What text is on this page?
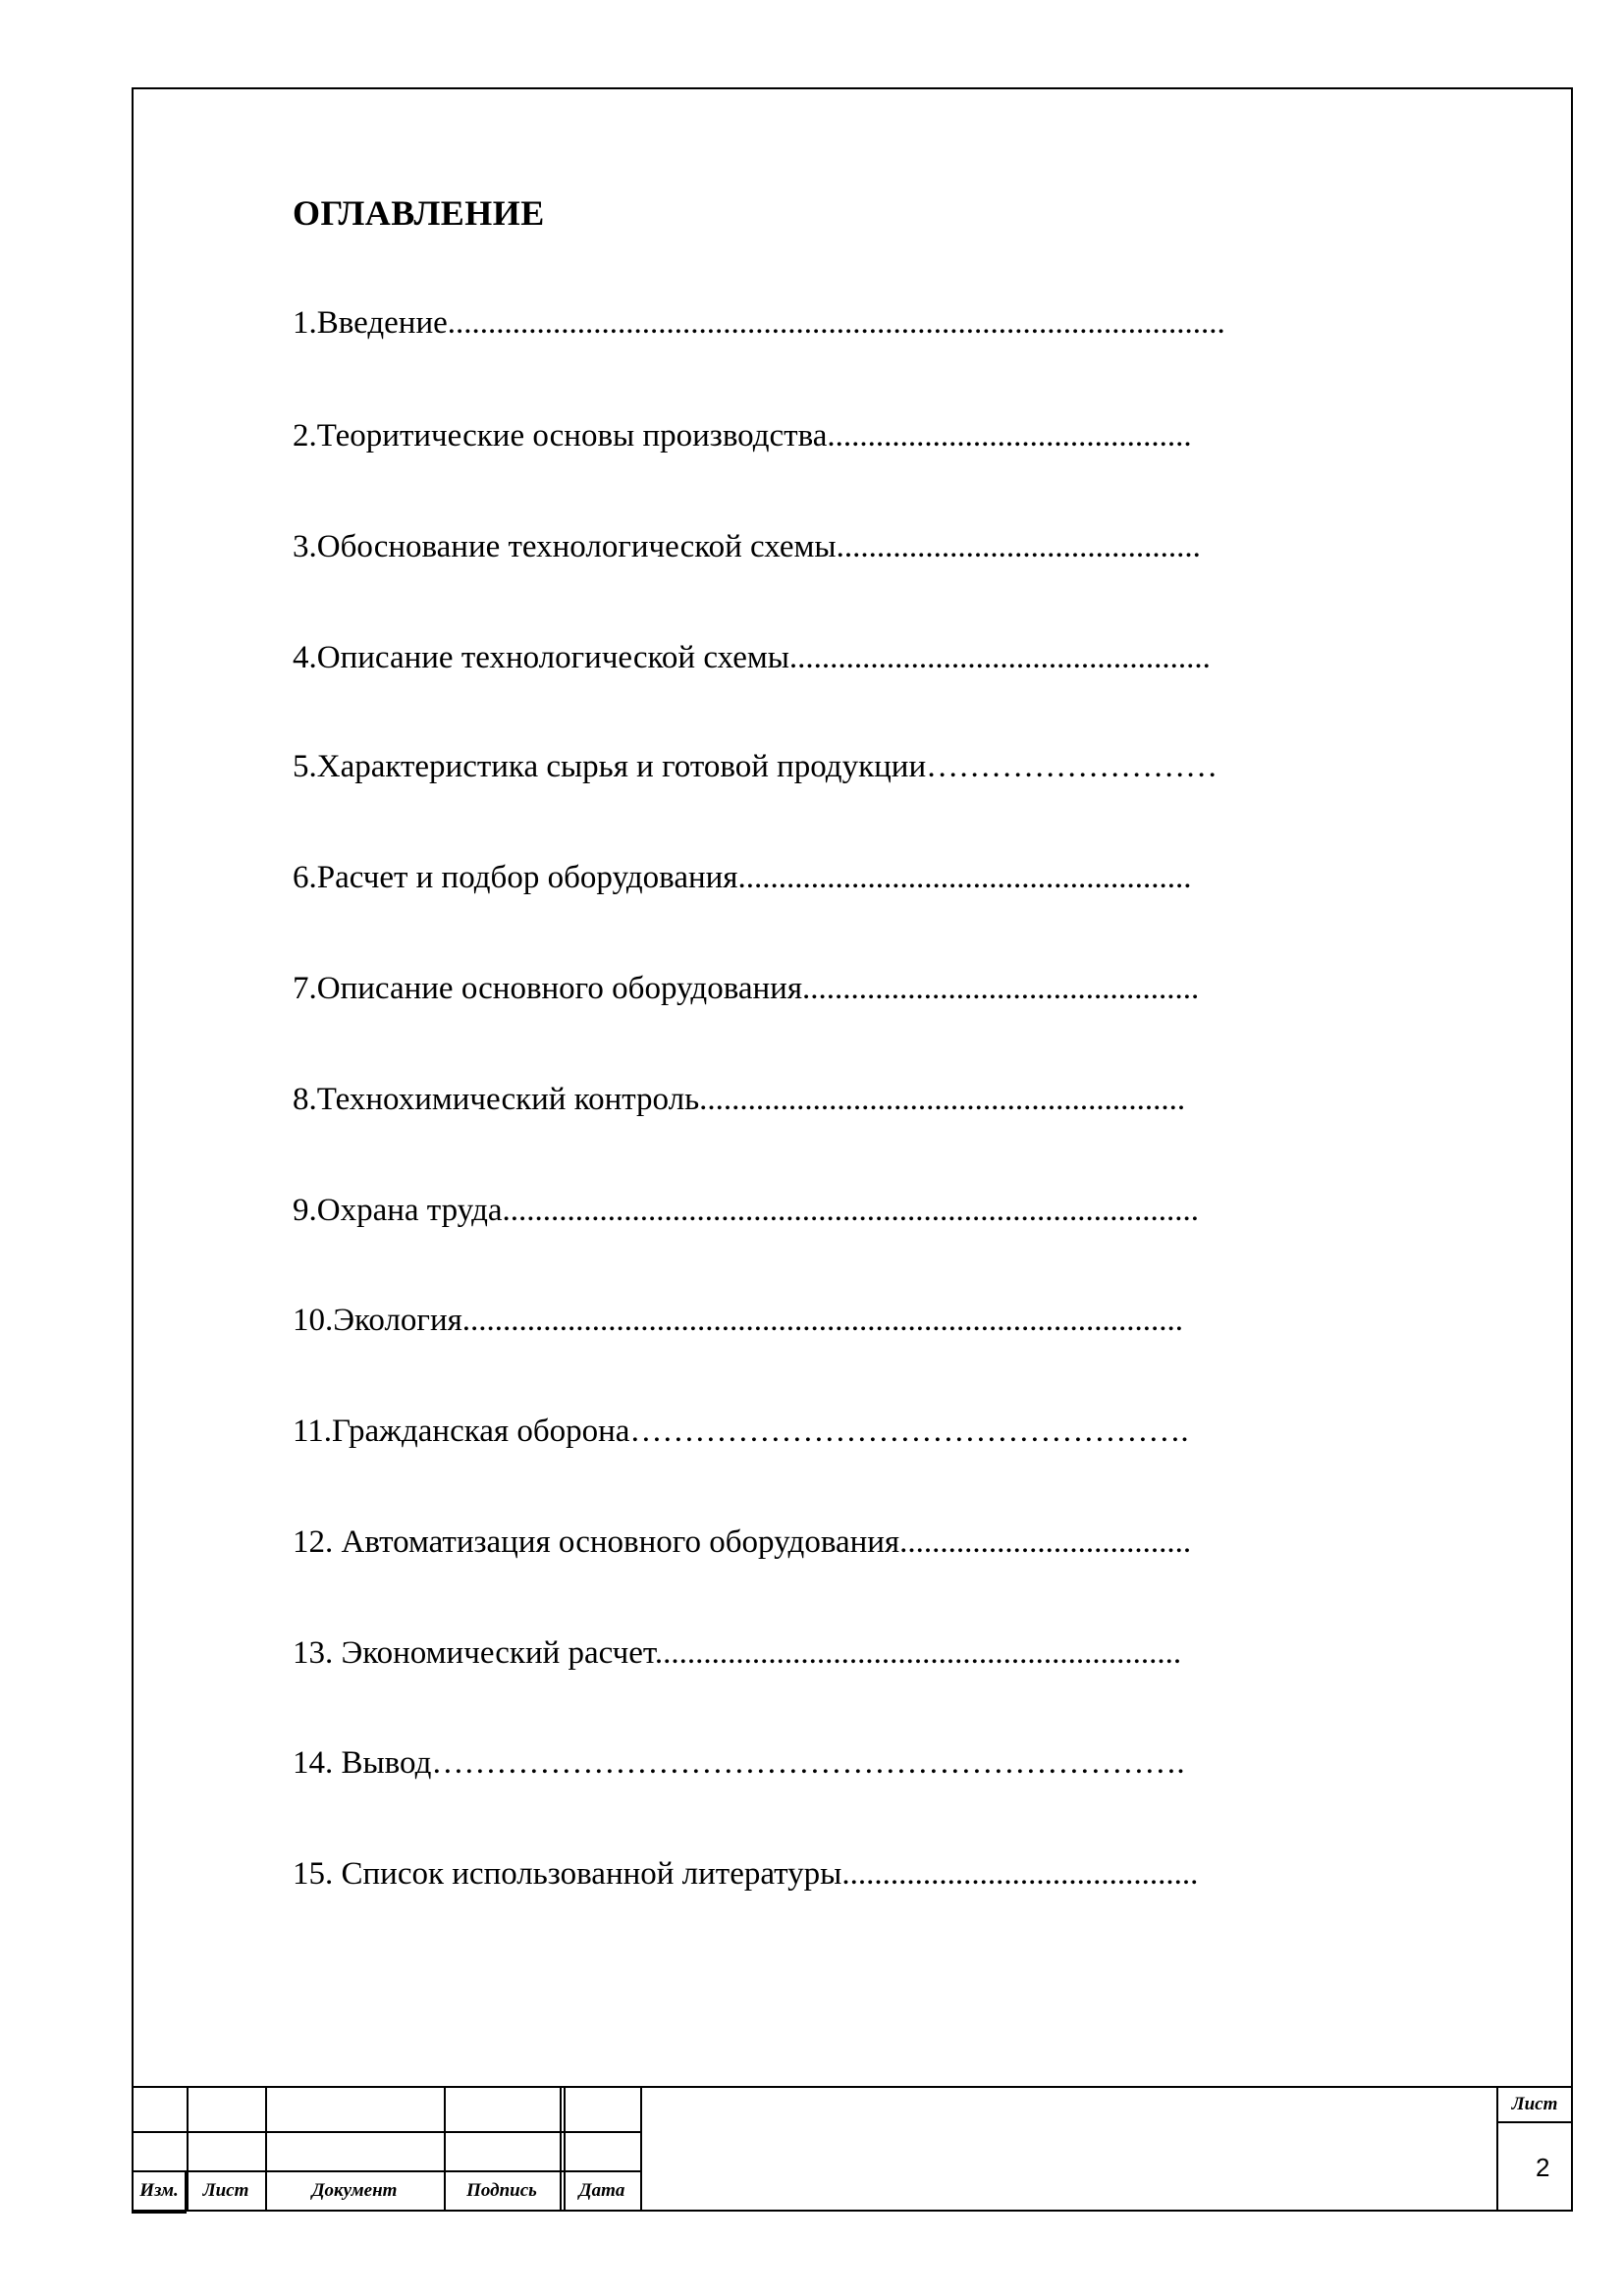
ОГЛАВЛЕНИЕ
1.Введение................................................................................................
2.Теоритические основы производства.............................................
3.Обоснование технологической схемы.............................................
4.Описание технологической схемы....................................................
5.Характеристика сырья и готовой продукции………………………
6.Расчет и подбор оборудования........................................................
7.Описание основного оборудования.................................................
8.Технохимический контроль............................................................
9.Охрана труда......................................................................................
10.Экология.........................................................................................
11.Гражданская оборона…………………………………………….
12. Автоматизация основного оборудования....................................
13. Экономический расчет.................................................................
14. Вывод…………………………………………………………….
15. Список использованной литературы............................................
Изм.	Лист	Документ	Подпись	Дата
Лист
2
